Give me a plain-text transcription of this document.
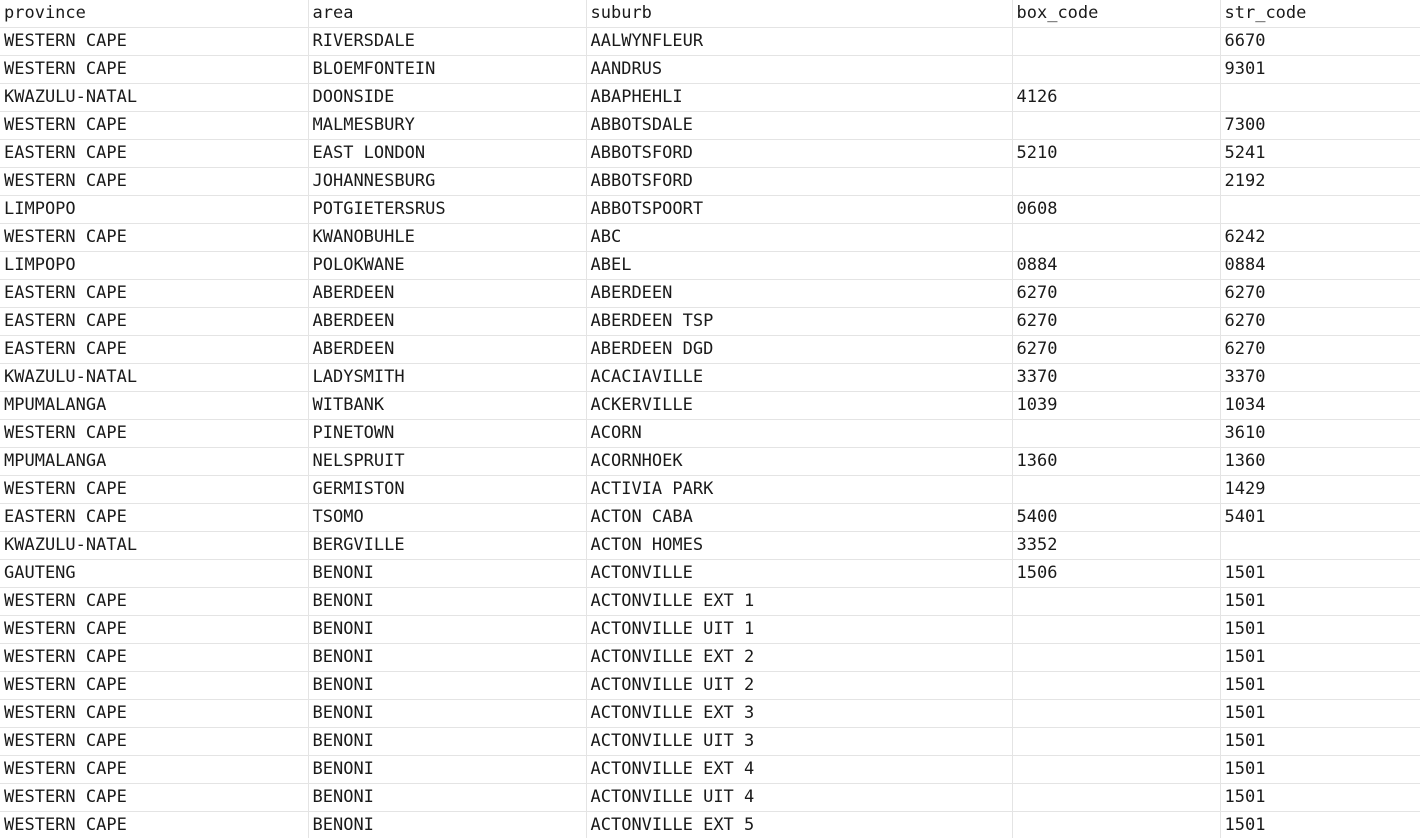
province	area	suburb	box_code	str_code
WESTERN CAPE	RIVERSDALE	AALWYNFLEUR		6670
WESTERN CAPE	BLOEMFONTEIN	AANDRUS		9301
KWAZULU-NATAL	DOONSIDE	ABAPHEHLI	4126	
WESTERN CAPE	MALMESBURY	ABBOTSDALE		7300
EASTERN CAPE	EAST LONDON	ABBOTSFORD	5210	5241
WESTERN CAPE	JOHANNESBURG	ABBOTSFORD		2192
LIMPOPO	POTGIETERSRUS	ABBOTSPOORT	0608	
WESTERN CAPE	KWANOBUHLE	ABC		6242
LIMPOPO	POLOKWANE	ABEL	0884	0884
EASTERN CAPE	ABERDEEN	ABERDEEN	6270	6270
EASTERN CAPE	ABERDEEN	ABERDEEN TSP	6270	6270
EASTERN CAPE	ABERDEEN	ABERDEEN DGD	6270	6270
KWAZULU-NATAL	LADYSMITH	ACACIAVILLE	3370	3370
MPUMALANGA	WITBANK	ACKERVILLE	1039	1034
WESTERN CAPE	PINETOWN	ACORN		3610
MPUMALANGA	NELSPRUIT	ACORNHOEK	1360	1360
WESTERN CAPE	GERMISTON	ACTIVIA PARK		1429
EASTERN CAPE	TSOMO	ACTON CABA	5400	5401
KWAZULU-NATAL	BERGVILLE	ACTON HOMES	3352	
GAUTENG	BENONI	ACTONVILLE	1506	1501
WESTERN CAPE	BENONI	ACTONVILLE EXT 1		1501
WESTERN CAPE	BENONI	ACTONVILLE UIT 1		1501
WESTERN CAPE	BENONI	ACTONVILLE EXT 2		1501
WESTERN CAPE	BENONI	ACTONVILLE UIT 2		1501
WESTERN CAPE	BENONI	ACTONVILLE EXT 3		1501
WESTERN CAPE	BENONI	ACTONVILLE UIT 3		1501
WESTERN CAPE	BENONI	ACTONVILLE EXT 4		1501
WESTERN CAPE	BENONI	ACTONVILLE UIT 4		1501
WESTERN CAPE	BENONI	ACTONVILLE EXT 5		1501
